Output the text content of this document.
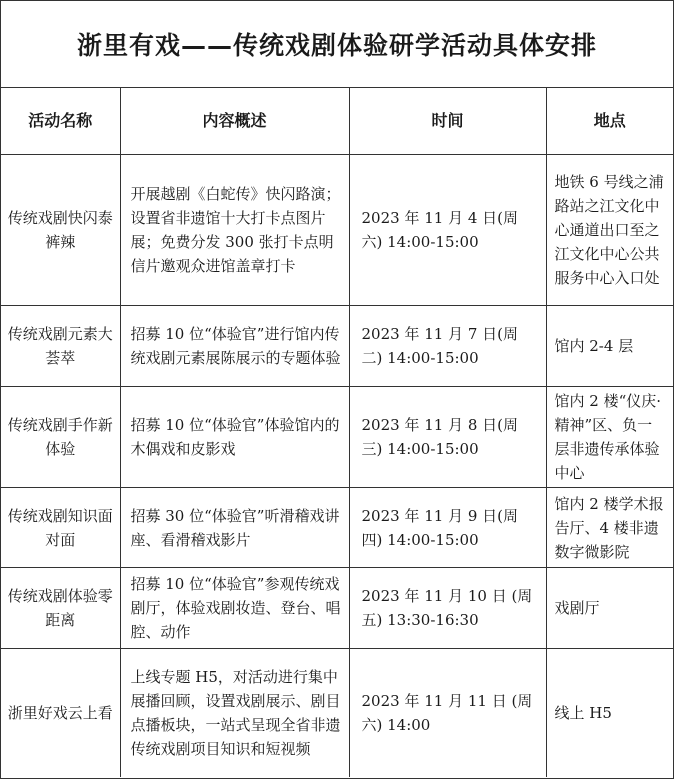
浙里有戏——传统戏剧体验研学活动具体安排
活动名称	内容概述	时间	地点
传统戏剧快闪泰裤辣	开展越剧《白蛇传》快闪路演；设置省非遗馆十大打卡点图片展；免费分发 300 张打卡点明信片邀观众进馆盖章打卡	2023 年 11 月 4 日(周六) 14:00-15:00	地铁 6 号线之浦路站之江文化中心通道出口至之江文化中心公共服务中心入口处
传统戏剧元素大荟萃	招募 10 位“体验官”进行馆内传统戏剧元素展陈展示的专题体验	2023 年 11 月 7 日(周二) 14:00-15:00	馆内 2-4 层
传统戏剧手作新体验	招募 10 位“体验官”体验馆内的木偶戏和皮影戏	2023 年 11 月 8 日(周三) 14:00-15:00	馆内 2 楼“仪庆·精神”区、负一层非遗传承体验中心
传统戏剧知识面对面	招募 30 位“体验官”听滑稽戏讲座、看滑稽戏影片	2023 年 11 月 9 日(周四) 14:00-15:00	馆内 2 楼学术报告厅、4 楼非遗数字微影院
传统戏剧体验零距离	招募 10 位“体验官”参观传统戏剧厅，体验戏剧妆造、登台、唱腔、动作	2023 年 11 月 10 日 (周五) 13:30-16:30	戏剧厅
浙里好戏云上看	上线专题 H5，对活动进行集中展播回顾，设置戏剧展示、剧目点播板块，一站式呈现全省非遗传统戏剧项目知识和短视频	2023 年 11 月 11 日 (周六) 14:00	线上 H5
